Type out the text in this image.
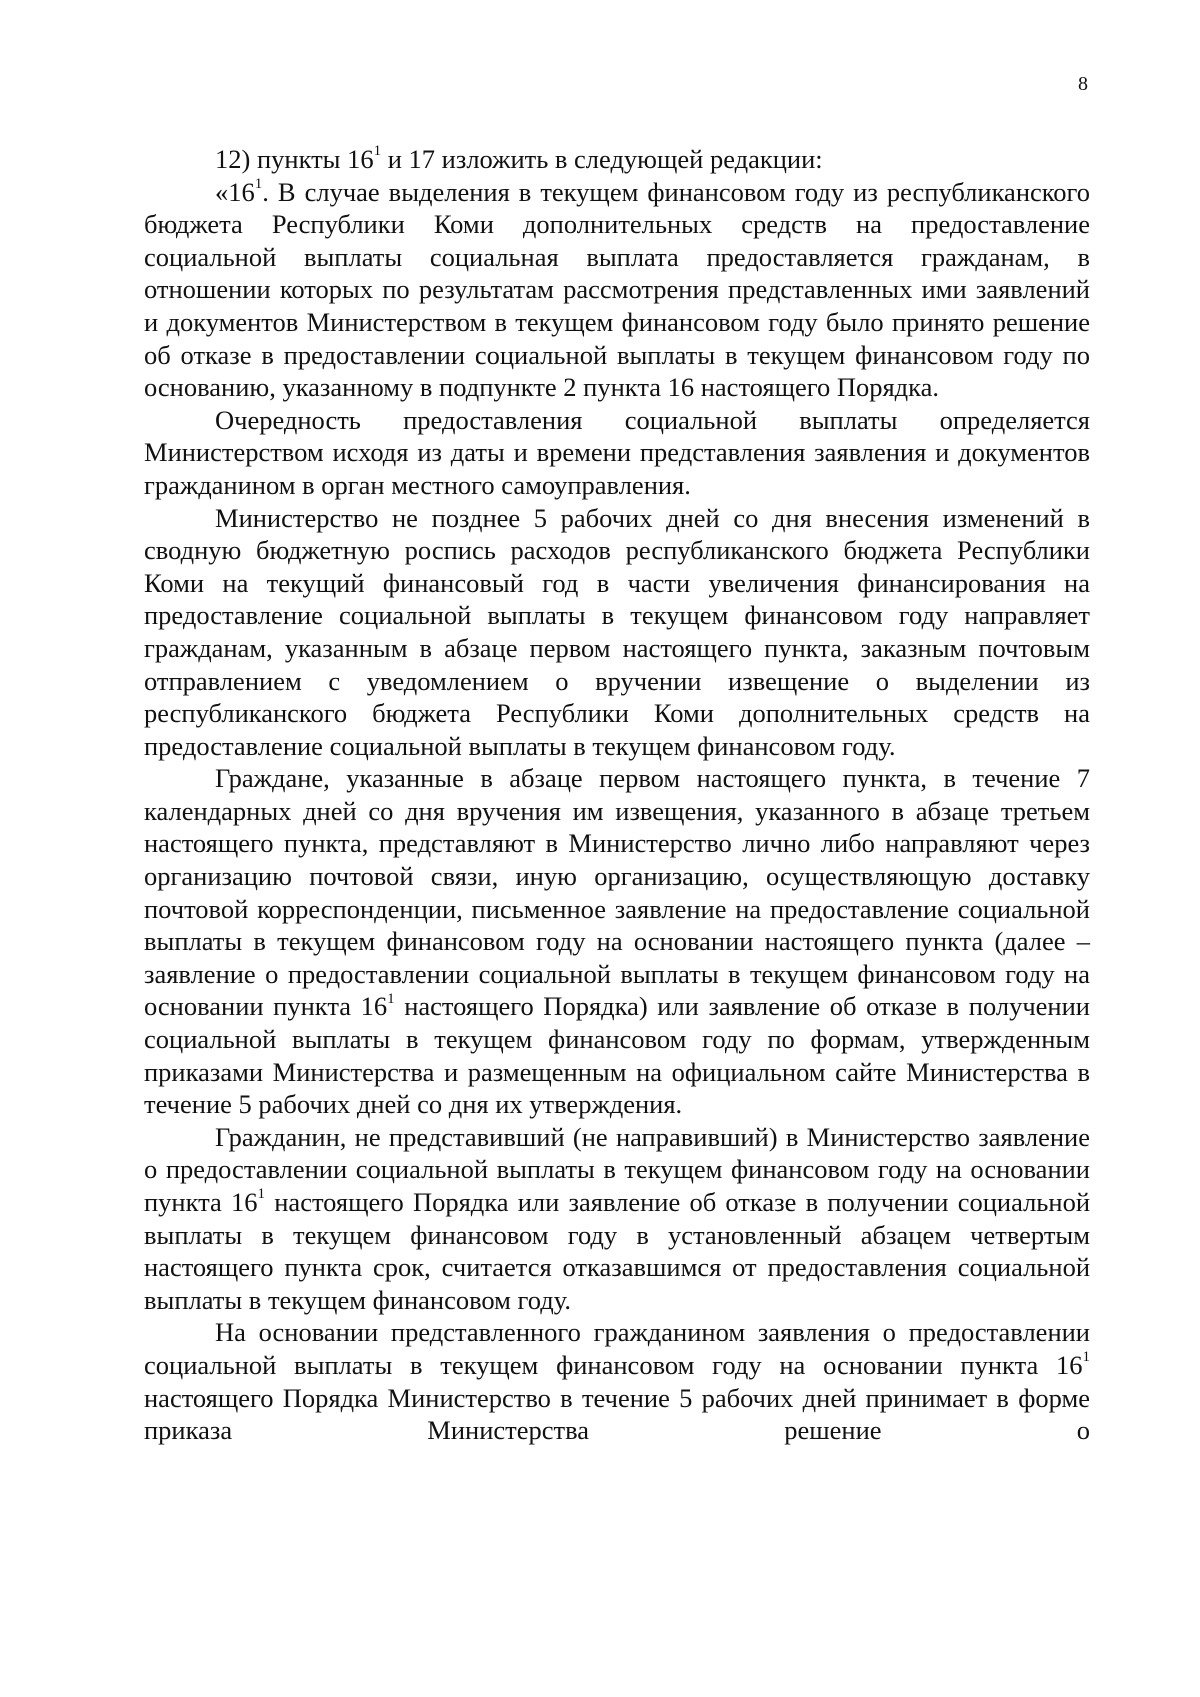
8

12) пункты $16^1$ и 17 изложить в следующей редакции:

«$16^1$. В случае выделения в текущем финансовом году из республиканского бюджета Республики Коми дополнительных средств на предоставление социальной выплаты социальная выплата предоставляется гражданам, в отношении которых по результатам рассмотрения представленных ими заявлений и документов Министерством в текущем финансовом году было принято решение об отказе в предоставлении социальной выплаты в текущем финансовом году по основанию, указанному в подпункте 2 пункта 16 настоящего Порядка.

Очередность предоставления социальной выплаты определяется Министерством исходя из даты и времени представления заявления и документов гражданином в орган местного самоуправления.

Министерство не позднее 5 рабочих дней со дня внесения изменений в сводную бюджетную роспись расходов республиканского бюджета Республики Коми на текущий финансовый год в части увеличения финансирования на предоставление социальной выплаты в текущем финансовом году направляет гражданам, указанным в абзаце первом настоящего пункта, заказным почтовым отправлением с уведомлением о вручении извещение о выделении из республиканского бюджета Республики Коми дополнительных средств на предоставление социальной выплаты в текущем финансовом году.

Граждане, указанные в абзаце первом настоящего пункта, в течение 7 календарных дней со дня вручения им извещения, указанного в абзаце третьем настоящего пункта, представляют в Министерство лично либо направляют через организацию почтовой связи, иную организацию, осуществляющую доставку почтовой корреспонденции, письменное заявление на предоставление социальной выплаты в текущем финансовом году на основании настоящего пункта (далее – заявление о предоставлении социальной выплаты в текущем финансовом году на основании пункта $16^1$ настоящего Порядка) или заявление об отказе в получении социальной выплаты в текущем финансовом году по формам, утвержденным приказами Министерства и размещенным на официальном сайте Министерства в течение 5 рабочих дней со дня их утверждения.

Гражданин, не представивший (не направивший) в Министерство заявление о предоставлении социальной выплаты в текущем финансовом году на основании пункта $16^1$ настоящего Порядка или заявление об отказе в получении социальной выплаты в текущем финансовом году в установленный абзацем четвертым настоящего пункта срок, считается отказавшимся от предоставления социальной выплаты в текущем финансовом году.

На основании представленного гражданином заявления о предоставлении социальной выплаты в текущем финансовом году на основании пункта $16^1$ настоящего Порядка Министерство в течение 5 рабочих дней принимает в форме приказа Министерства решение о
